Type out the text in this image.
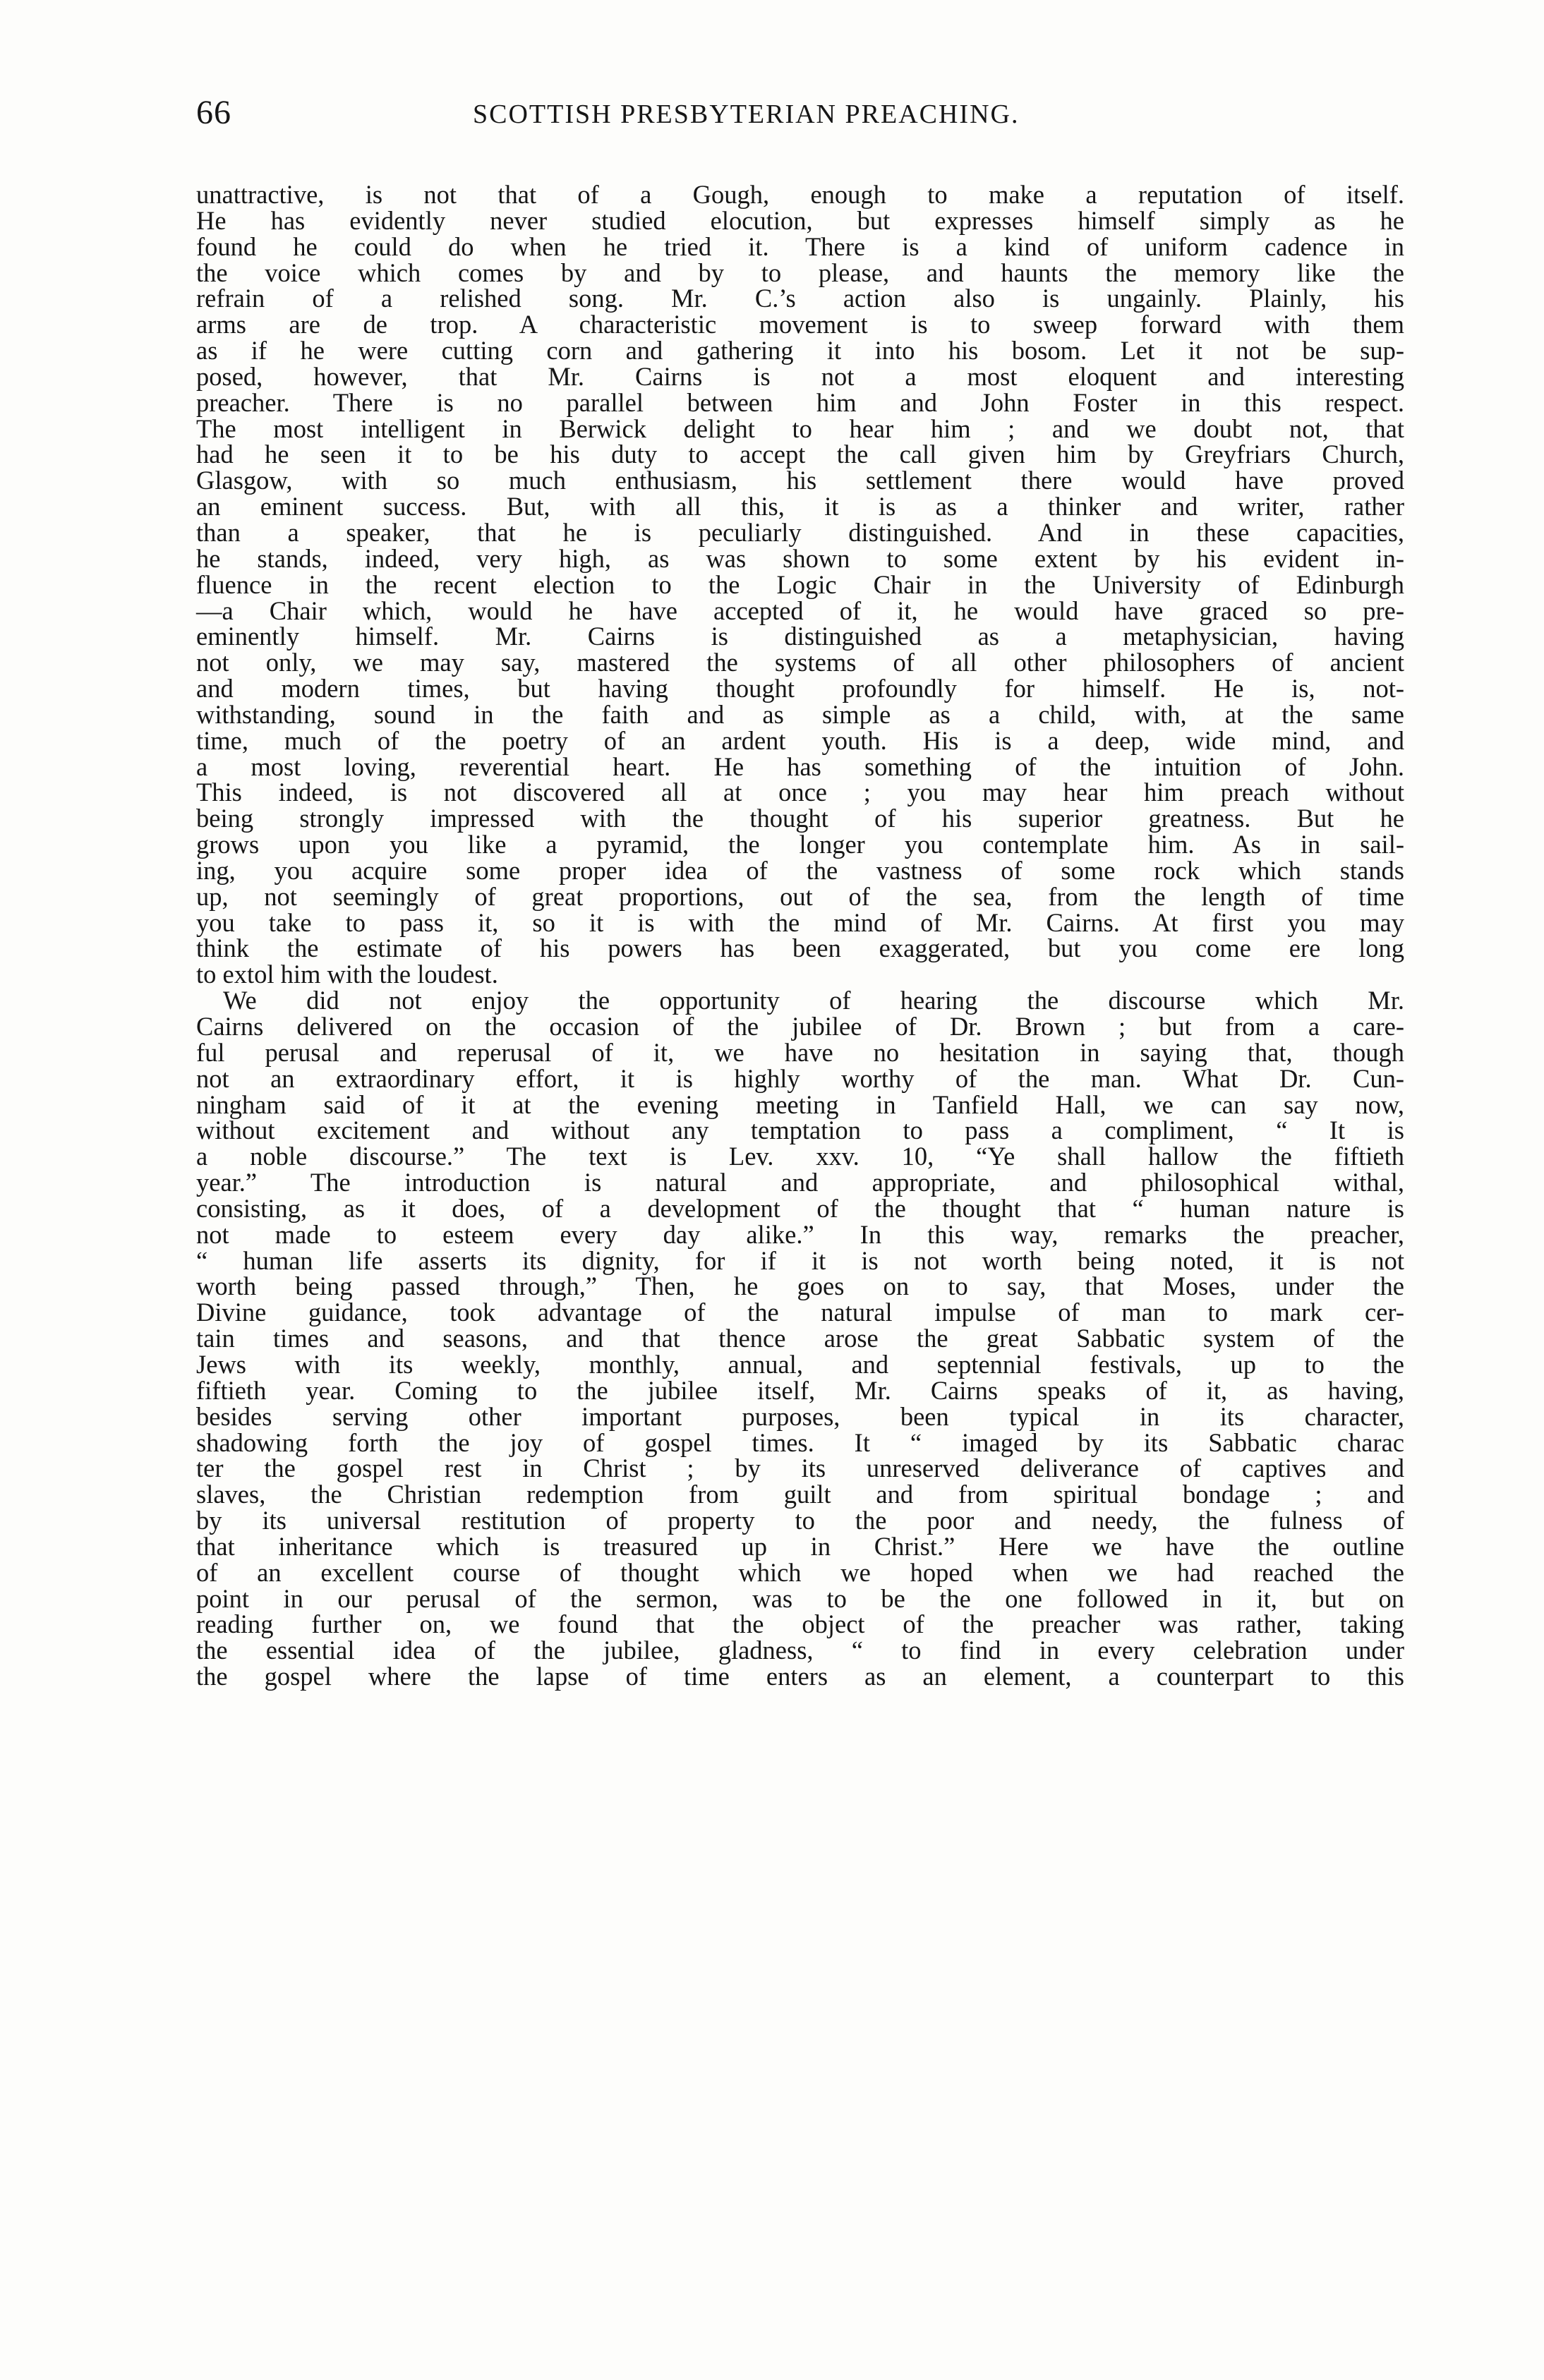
66	SCOTTISH PRESBYTERIAN PREACHING.
unattractive, is not that of a Gough, enough to make a reputation of itself.
He has evidently never studied elocution, but expresses himself simply as he
found he could do when he tried it. There is a kind of uniform cadence in
the voice which comes by and by to please, and haunts the memory like the
refrain of a relished song. Mr. C.’s action also is ungainly. Plainly, his
arms are de trop. A characteristic movement is to sweep forward with them
as if he were cutting corn and gathering it into his bosom. Let it not be sup-
posed, however, that Mr. Cairns is not a most eloquent and interesting
preacher. There is no parallel between him and John Foster in this respect.
The most intelligent in Berwick delight to hear him ; and we doubt not, that
had he seen it to be his duty to accept the call given him by Greyfriars Church,
Glasgow, with so much enthusiasm, his settlement there would have proved
an eminent success. But, with all this, it is as a thinker and writer, rather
than a speaker, that he is peculiarly distinguished. And in these capacities,
he stands, indeed, very high, as was shown to some extent by his evident in-
fluence in the recent election to the Logic Chair in the University of Edinburgh
—a Chair which, would he have accepted of it, he would have graced so pre-
eminently himself. Mr. Cairns is distinguished as a metaphysician, having
not only, we may say, mastered the systems of all other philosophers of ancient
and modern times, but having thought profoundly for himself. He is, not-
withstanding, sound in the faith and as simple as a child, with, at the same
time, much of the poetry of an ardent youth. His is a deep, wide mind, and
a most loving, reverential heart. He has something of the intuition of John.
This indeed, is not discovered all at once ; you may hear him preach without
being strongly impressed with the thought of his superior greatness. But he
grows upon you like a pyramid, the longer you contemplate him. As in sail-
ing, you acquire some proper idea of the vastness of some rock which stands
up, not seemingly of great proportions, out of the sea, from the length of time
you take to pass it, so it is with the mind of Mr. Cairns. At first you may
think the estimate of his powers has been exaggerated, but you come ere long
to extol him with the loudest.
We did not enjoy the opportunity of hearing the discourse which Mr.
Cairns delivered on the occasion of the jubilee of Dr. Brown ; but from a care-
ful perusal and reperusal of it, we have no hesitation in saying that, though
not an extraordinary effort, it is highly worthy of the man. What Dr. Cun-
ningham said of it at the evening meeting in Tanfield Hall, we can say now,
without excitement and without any temptation to pass a compliment, “ It is
a noble discourse.” The text is Lev. xxv. 10, “Ye shall hallow the fiftieth
year.” The introduction is natural and appropriate, and philosophical withal,
consisting, as it does, of a development of the thought that “ human nature is
not made to esteem every day alike.” In this way, remarks the preacher,
“ human life asserts its dignity, for if it is not worth being noted, it is not
worth being passed through,” Then, he goes on to say, that Moses, under the
Divine guidance, took advantage of the natural impulse of man to mark cer-
tain times and seasons, and that thence arose the great Sabbatic system of the
Jews with its weekly, monthly, annual, and septennial festivals, up to the
fiftieth year. Coming to the jubilee itself, Mr. Cairns speaks of it, as having,
besides serving other important purposes, been typical in its character,
shadowing forth the joy of gospel times. It “ imaged by its Sabbatic charac
ter the gospel rest in Christ ; by its unreserved deliverance of captives and
slaves, the Christian redemption from guilt and from spiritual bondage ; and
by its universal restitution of property to the poor and needy, the fulness of
that inheritance which is treasured up in Christ.” Here we have the outline
of an excellent course of thought which we hoped when we had reached the
point in our perusal of the sermon, was to be the one followed in it, but on
reading further on, we found that the object of the preacher was rather, taking
the essential idea of the jubilee, gladness, “ to find in every celebration under
the gospel where the lapse of time enters as an element, a counterpart to this
